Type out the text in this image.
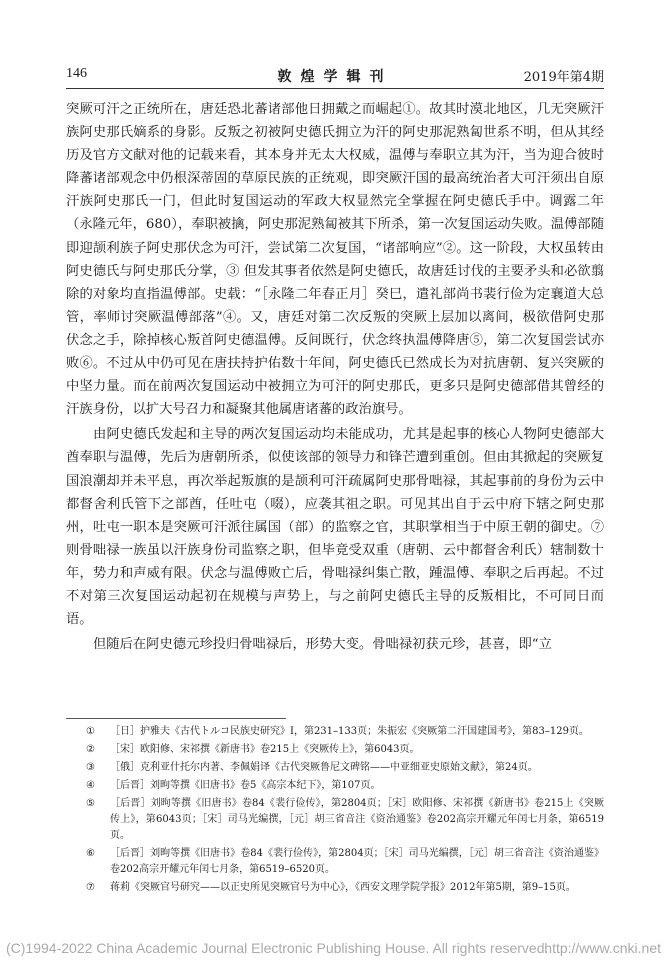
146	敦煌学辑刊	2019年第4期

突厥可汗之正统所在，唐廷恐北蕃诸部他日拥戴之而崛起①。故其时漠北地区，几无突厥汗族阿史那氏嫡系的身影。反叛之初被阿史德氏拥立为汗的阿史那泥熟匐世系不明，但从其经历及官方文献对他的记载来看，其本身并无太大权威，温傅与奉职立其为汗，当为迎合彼时降蕃诸部观念中仍根深蒂固的草原民族的正统观，即突厥汗国的最高统治者大可汗须出自原汗族阿史那氏一门，但此时复国运动的军政大权显然完全掌握在阿史德氏手中。调露二年（永隆元年，680），奉职被擒，阿史那泥熟匐被其下所杀，第一次复国运动失败。温傅部随即迎颉利族子阿史那伏念为可汗，尝试第二次复国，“诸部响应”②。这一阶段，大权虽转由阿史德氏与阿史那氏分掌，③ 但发其事者依然是阿史德氏，故唐廷讨伐的主要矛头和必欲翦除的对象均直指温傅部。史载：“［永隆二年春正月］癸巳，遣礼部尚书裴行俭为定襄道大总管，率师讨突厥温傅部落”④。又，唐廷对第二次反叛的突厥上层加以离间，极欲借阿史那伏念之手，除掉核心叛首阿史德温傅。反间既行，伏念终执温傅降唐⑤，第二次复国尝试亦败⑥。不过从中仍可见在唐扶持护佑数十年间，阿史德氏已然成长为对抗唐朝、复兴突厥的中坚力量。而在前两次复国运动中被拥立为可汗的阿史那氏，更多只是阿史德部借其曾经的汗族身份，以扩大号召力和凝聚其他属唐诸蕃的政治旗号。

由阿史德氏发起和主导的两次复国运动均未能成功，尤其是起事的核心人物阿史德部大酋奉职与温傅，先后为唐朝所杀，似使该部的领导力和锋芒遭到重创。但由其掀起的突厥复国浪潮却并未平息，再次举起叛旗的是颉利可汗疏属阿史那骨咄禄，其起事前的身份为云中都督舍利氏管下之部酋，任吐屯（啜），应袭其祖之职。可见其出自于云中府下辖之阿史那州，吐屯一职本是突厥可汗派往属国（部）的监察之官，其职掌相当于中原王朝的御史。⑦ 则骨咄禄一族虽以汗族身份司监察之职，但毕竟受双重（唐朝、云中都督舍利氏）辖制数十年，势力和声威有限。伏念与温傅败亡后，骨咄禄纠集亡散，踵温傅、奉职之后再起。不过不对第三次复国运动起初在规模与声势上，与之前阿史德氏主导的反叛相比，不可同日而语。

但随后在阿史德元珍投归骨咄禄后，形势大变。骨咄禄初获元珍，甚喜，即“立

① ［日］护雅夫《古代トルコ民族史研究》Ⅰ，第231–133页；朱振宏《突厥第二汗国建国考》，第83–129页。
② ［宋］欧阳修、宋祁撰《新唐书》卷215上《突厥传上》，第6043页。
③ ［俄］克利亚什托尔内著、李佩娟译《古代突厥鲁尼文碑铭——中亚细亚史原始文献》，第24页。
④ ［后晋］刘昫等撰《旧唐书》卷5《高宗本纪下》，第107页。
⑤ ［后晋］刘昫等撰《旧唐书》卷84《裴行俭传》，第2804页；［宋］欧阳修、宋祁撰《新唐书》卷215上《突厥传上》，第6043页；［宋］司马光编撰，［元］胡三省音注《资治通鉴》卷202高宗开耀元年闰七月条，第6519页。
⑥ ［后晋］刘昫等撰《旧唐书》卷84《裴行俭传》，第2804页；［宋］司马光编撰，［元］胡三省音注《资治通鉴》卷202高宗开耀元年闰七月条，第6519–6520页。
⑦ 蒋莉《突厥官号研究——以正史所见突厥官号为中心》，《西安文理学院学报》2012年第5期，第9–15页。
(C)1994-2022 China Academic Journal Electronic Publishing House. All rights reserved.
http://www.cnki.net
